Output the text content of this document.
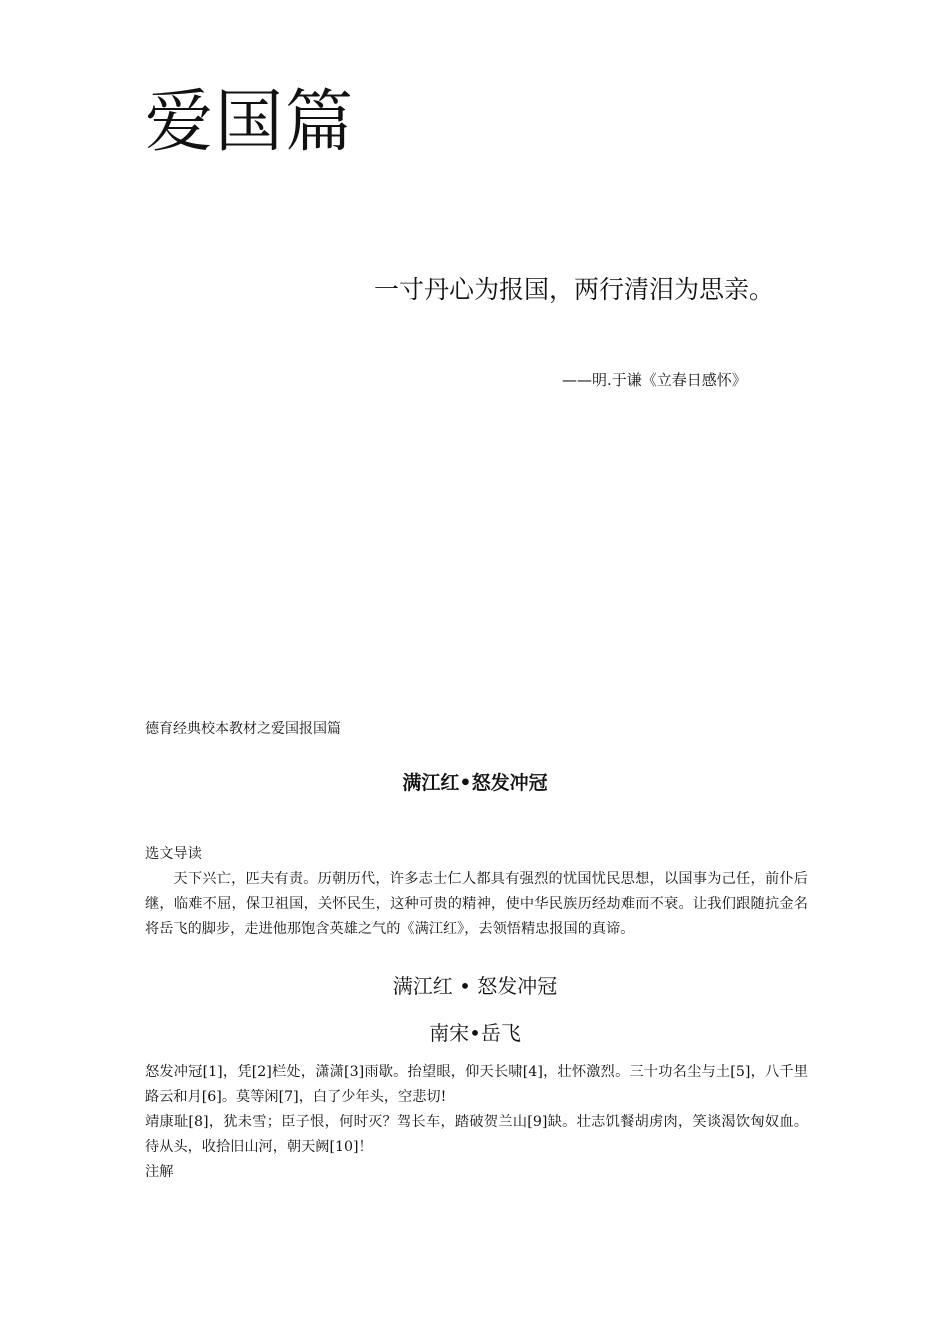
爱国篇
一寸丹心为报国，两行清泪为思亲。
——明.于谦《立春日感怀》
德育经典校本教材之爱国报国篇
满江红•怒发冲冠

选文导读

天下兴亡，匹夫有责。历朝历代，许多志士仁人都具有强烈的忧国忧民思想，以国事为己任，前仆后继，临难不屈，保卫祖国，关怀民生，这种可贵的精神，使中华民族历经劫难而不衰。让我们跟随抗金名将岳飞的脚步，走进他那饱含英雄之气的《满江红》，去领悟精忠报国的真谛。

满江红 • 怒发冲冠

南宋•岳飞

怒发冲冠[1]，凭[2]栏处，潇潇[3]雨歇。抬望眼，仰天长啸[4]，壮怀激烈。三十功名尘与土[5]，八千里路云和月[6]。莫等闲[7]，白了少年头，空悲切!

靖康耻[8]，犹未雪；臣子恨，何时灭？驾长车，踏破贺兰山[9]缺。壮志饥餐胡虏肉，笑谈渴饮匈奴血。待从头，收拾旧山河，朝天阙[10]！

注解
